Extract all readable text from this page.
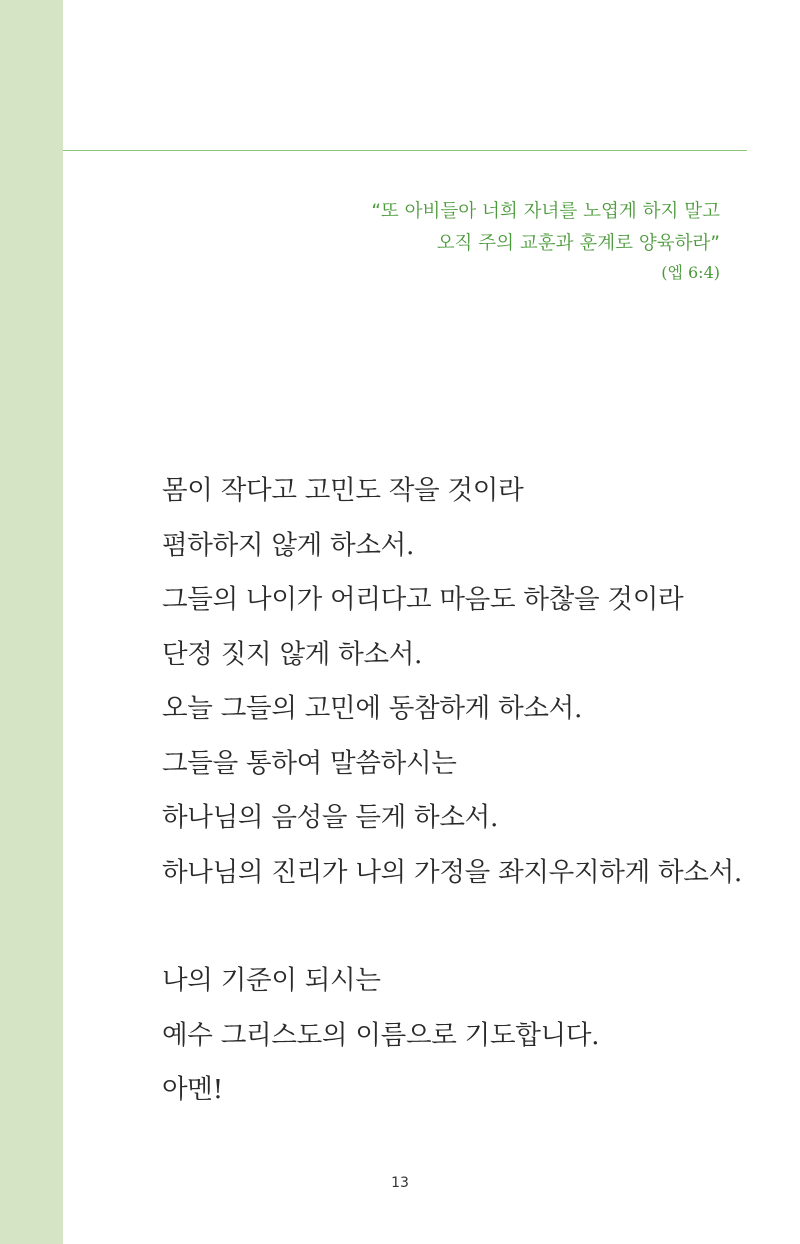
“또 아비들아 너희 자녀를 노엽게 하지 말고
오직 주의 교훈과 훈계로 양육하라”
(엡 6:4)
몸이 작다고 고민도 작을 것이라
폄하하지 않게 하소서.
그들의 나이가 어리다고 마음도 하찮을 것이라
단정 짓지 않게 하소서.
오늘 그들의 고민에 동참하게 하소서.
그들을 통하여 말씀하시는
하나님의 음성을 듣게 하소서.
하나님의 진리가 나의 가정을 좌지우지하게 하소서.
나의 기준이 되시는
예수 그리스도의 이름으로 기도합니다.
아멘!
13
